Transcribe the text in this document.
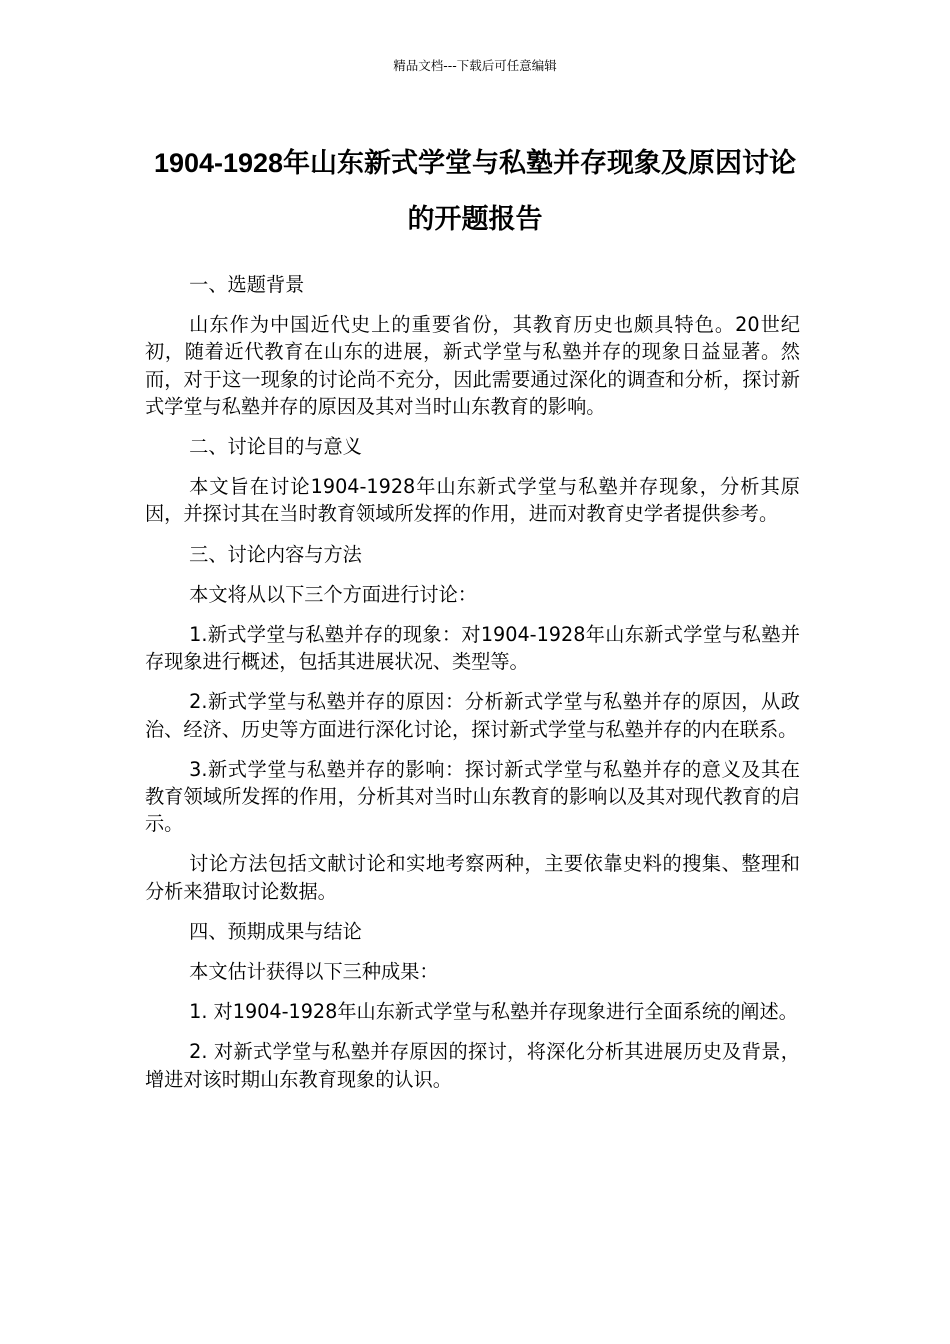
精品文档---下载后可任意编辑
1904-1928年山东新式学堂与私塾并存现象及原因讨论的开题报告

一、选题背景

山东作为中国近代史上的重要省份，其教育历史也颇具特色。20世纪初，随着近代教育在山东的进展，新式学堂与私塾并存的现象日益显著。然而，对于这一现象的讨论尚不充分，因此需要通过深化的调查和分析，探讨新式学堂与私塾并存的原因及其对当时山东教育的影响。

二、讨论目的与意义

本文旨在讨论1904-1928年山东新式学堂与私塾并存现象，分析其原因，并探讨其在当时教育领域所发挥的作用，进而对教育史学者提供参考。

三、讨论内容与方法

本文将从以下三个方面进行讨论：

1.新式学堂与私塾并存的现象：对1904-1928年山东新式学堂与私塾并存现象进行概述，包括其进展状况、类型等。

2.新式学堂与私塾并存的原因：分析新式学堂与私塾并存的原因，从政治、经济、历史等方面进行深化讨论，探讨新式学堂与私塾并存的内在联系。

3.新式学堂与私塾并存的影响：探讨新式学堂与私塾并存的意义及其在教育领域所发挥的作用，分析其对当时山东教育的影响以及其对现代教育的启示。

讨论方法包括文献讨论和实地考察两种，主要依靠史料的搜集、整理和分析来猎取讨论数据。

四、预期成果与结论

本文估计获得以下三种成果：

1. 对1904-1928年山东新式学堂与私塾并存现象进行全面系统的阐述。

2. 对新式学堂与私塾并存原因的探讨，将深化分析其进展历史及背景，增进对该时期山东教育现象的认识。
